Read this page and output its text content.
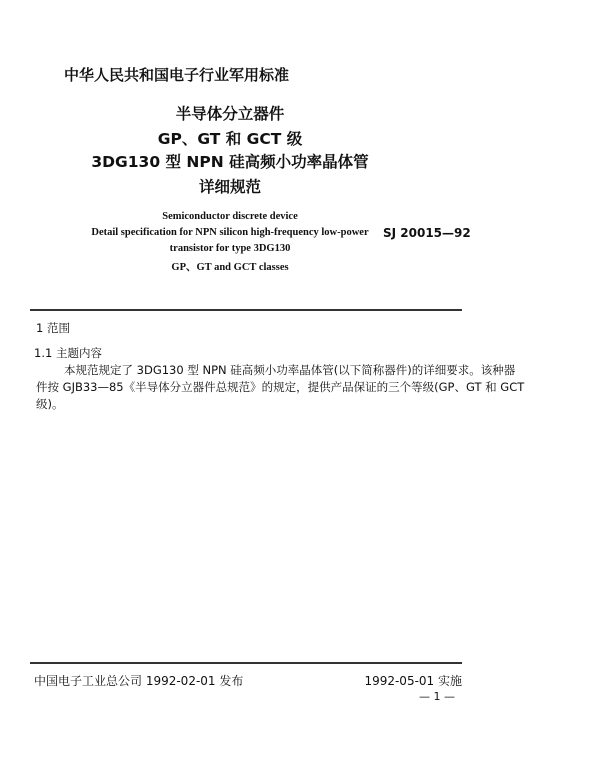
中华人民共和国电子行业军用标准
半导体分立器件
GP、GT 和 GCT 级
3DG130 型 NPN 硅高频小功率晶体管
详细规范
Semiconductor discrete device
Detail specification for NPN silicon high-frequency low-power
transistor for type 3DG130
GP、GT and GCT classes
SJ 20015—92
1 范围
1.1 主题内容
本规范规定了 3DG130 型 NPN 硅高频小功率晶体管(以下简称器件)的详细要求。该种器
件按 GJB33—85《半导体分立器件总规范》的规定，提供产品保证的三个等级(GP、GT 和 GCT
级)。
中国电子工业总公司 1992-02-01 发布	1992-05-01 实施
— 1 —
